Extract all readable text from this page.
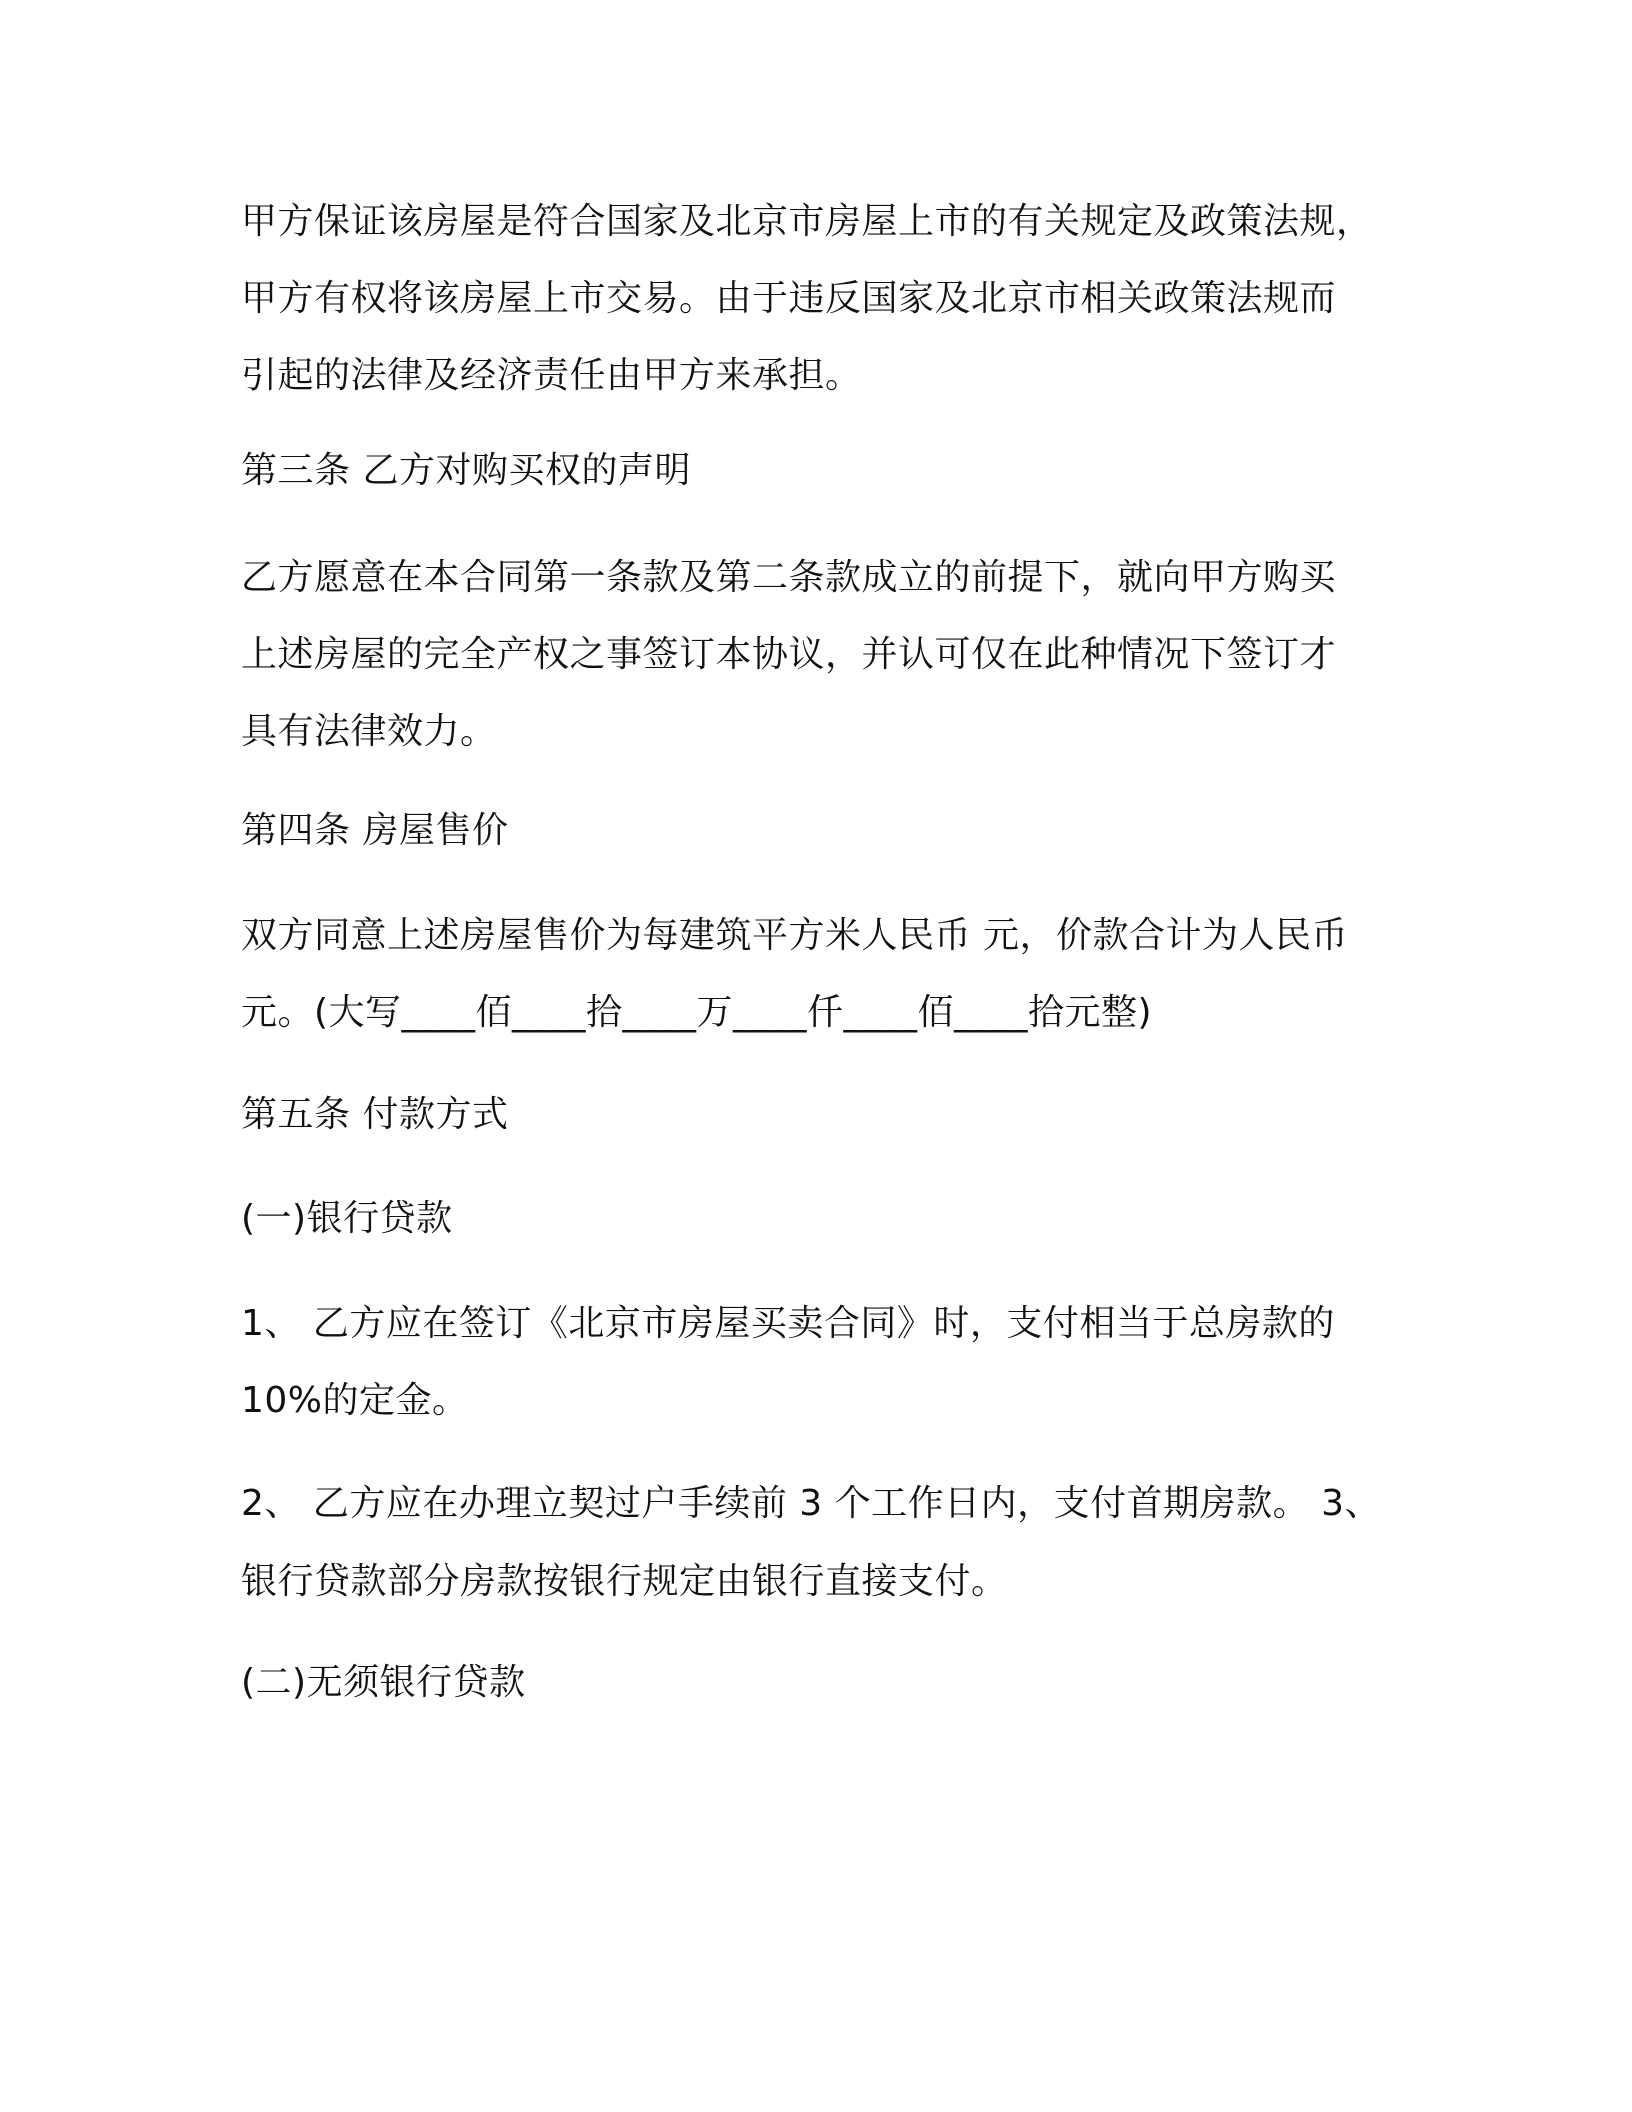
甲方保证该房屋是符合国家及北京市房屋上市的有关规定及政策法规，

甲方有权将该房屋上市交易。由于违反国家及北京市相关政策法规而

引起的法律及经济责任由甲方来承担。

第三条 乙方对购买权的声明

乙方愿意在本合同第一条款及第二条款成立的前提下，就向甲方购买

上述房屋的完全产权之事签订本协议，并认可仅在此种情况下签订才

具有法律效力。

第四条 房屋售价

双方同意上述房屋售价为每建筑平方米人民币 元，价款合计为人民币

元。(大写____佰____拾____万____仟____佰____拾元整)

第五条 付款方式

(一)银行贷款

1、 乙方应在签订《北京市房屋买卖合同》时，支付相当于总房款的

10%的定金。

2、 乙方应在办理立契过户手续前 3 个工作日内，支付首期房款。 3、

银行贷款部分房款按银行规定由银行直接支付。

(二)无须银行贷款
